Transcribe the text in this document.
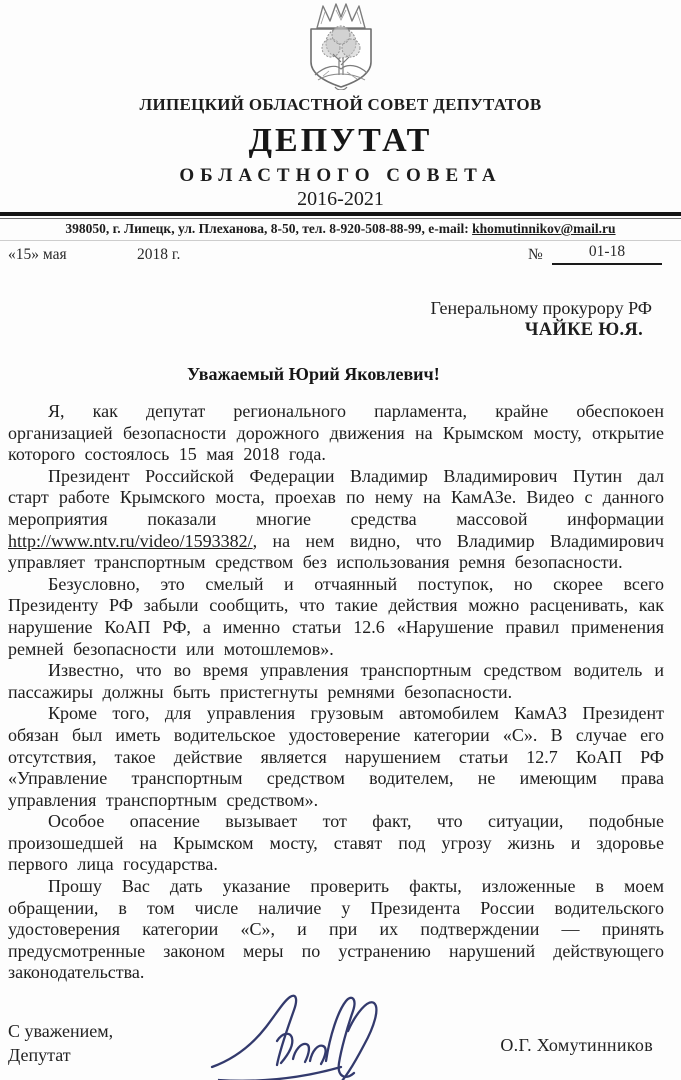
ЛИПЕЦКИЙ ОБЛАСТНОЙ СОВЕТ ДЕПУТАТОВ
ДЕПУТАТ
ОБЛАСТНОГО СОВЕТА
2016-2021
398050, г. Липецк, ул. Плеханова, 8-50, тел. 8-920-508-88-99, e-mail: khomutinnikov@mail.ru
«15» мая	2018 г.	№	01-18
Генеральному прокурору РФ
ЧАЙКЕ Ю.Я.
Уважаемый Юрий Яковлевич!

Я, как депутат регионального парламента, крайне обеспокоен организацией безопасности дорожного движения на Крымском мосту, открытие которого состоялось 15 мая 2018 года.

Президент Российской Федерации Владимир Владимирович Путин дал старт работе Крымского моста, проехав по нему на КамАЗе. Видео с данного мероприятия показали многие средства массовой информации http://www.ntv.ru/video/1593382/, на нем видно, что Владимир Владимирович управляет транспортным средством без использования ремня безопасности.

Безусловно, это смелый и отчаянный поступок, но скорее всего Президенту РФ забыли сообщить, что такие действия можно расценивать, как нарушение КоАП РФ, а именно статьи 12.6 «Нарушение правил применения ремней безопасности или мотошлемов».

Известно, что во время управления транспортным средством водитель и пассажиры должны быть пристегнуты ремнями безопасности.

Кроме того, для управления грузовым автомобилем КамАЗ Президент обязан был иметь водительское удостоверение категории «С». В случае его отсутствия, такое действие является нарушением статьи 12.7 КоАП РФ «Управление транспортным средством водителем, не имеющим права управления транспортным средством».

Особое опасение вызывает тот факт, что ситуации, подобные произошедшей на Крымском мосту, ставят под угрозу жизнь и здоровье первого лица государства.

Прошу Вас дать указание проверить факты, изложенные в моем обращении, в том числе наличие у Президента России водительского удостоверения категории «С», и при их подтверждении — принять предусмотренные законом меры по устранению нарушений действующего законодательства.

С уважением,
Депутат	О.Г. Хомутинников
